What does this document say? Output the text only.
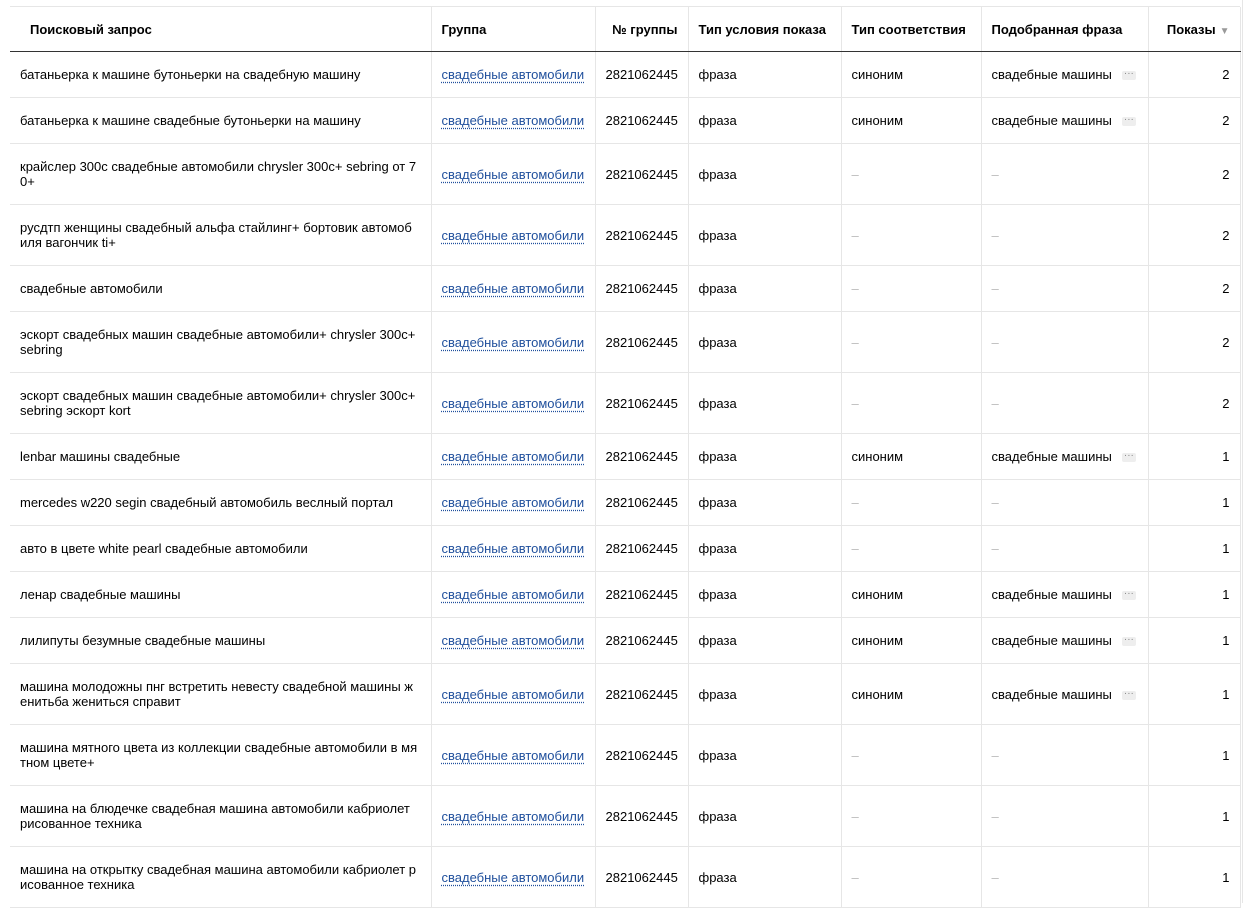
Поисковый запрос	Группа	№ группы	Тип условия показа	Тип соответствия	Подобранная фраза	Показы ▼
батаньерка к машине бутоньерки на свадебную машину	свадебные автомобили	2821062445	фраза	синоним	свадебные машины ···	2
батаньерка к машине свадебные бутоньерки на машину	свадебные автомобили	2821062445	фраза	синоним	свадебные машины ···	2
крайслер 300с свадебные автомобили chrysler 300с+ sebring от 70+	свадебные автомобили	2821062445	фраза	–	–	2
русдтп женщины свадебный альфа стайлинг+ бортовик автомобиля вагончик ti+	свадебные автомобили	2821062445	фраза	–	–	2
свадебные автомобили	свадебные автомобили	2821062445	фраза	–	–	2
эскорт свадебных машин свадебные автомобили+ chrysler 300c+ sebring	свадебные автомобили	2821062445	фраза	–	–	2
эскорт свадебных машин свадебные автомобили+ chrysler 300c+ sebring эскорт kort	свадебные автомобили	2821062445	фраза	–	–	2
lenbar машины свадебные	свадебные автомобили	2821062445	фраза	синоним	свадебные машины ···	1
mercedes w220 segin свадебный автомобиль веслный портал	свадебные автомобили	2821062445	фраза	–	–	1
авто в цвете white pearl свадебные автомобили	свадебные автомобили	2821062445	фраза	–	–	1
ленар свадебные машины	свадебные автомобили	2821062445	фраза	синоним	свадебные машины ···	1
лилипуты безумные свадебные машины	свадебные автомобили	2821062445	фраза	синоним	свадебные машины ···	1
машина молодожны пнг встретить невесту свадебной машины женитьба жениться справит	свадебные автомобили	2821062445	фраза	синоним	свадебные машины ···	1
машина мятного цвета из коллекции свадебные автомобили в мятном цвете+	свадебные автомобили	2821062445	фраза	–	–	1
машина на блюдечке свадебная машина автомобили кабриолет рисованное техника	свадебные автомобили	2821062445	фраза	–	–	1
машина на открытку свадебная машина автомобили кабриолет рисованное техника	свадебные автомобили	2821062445	фраза	–	–	1
